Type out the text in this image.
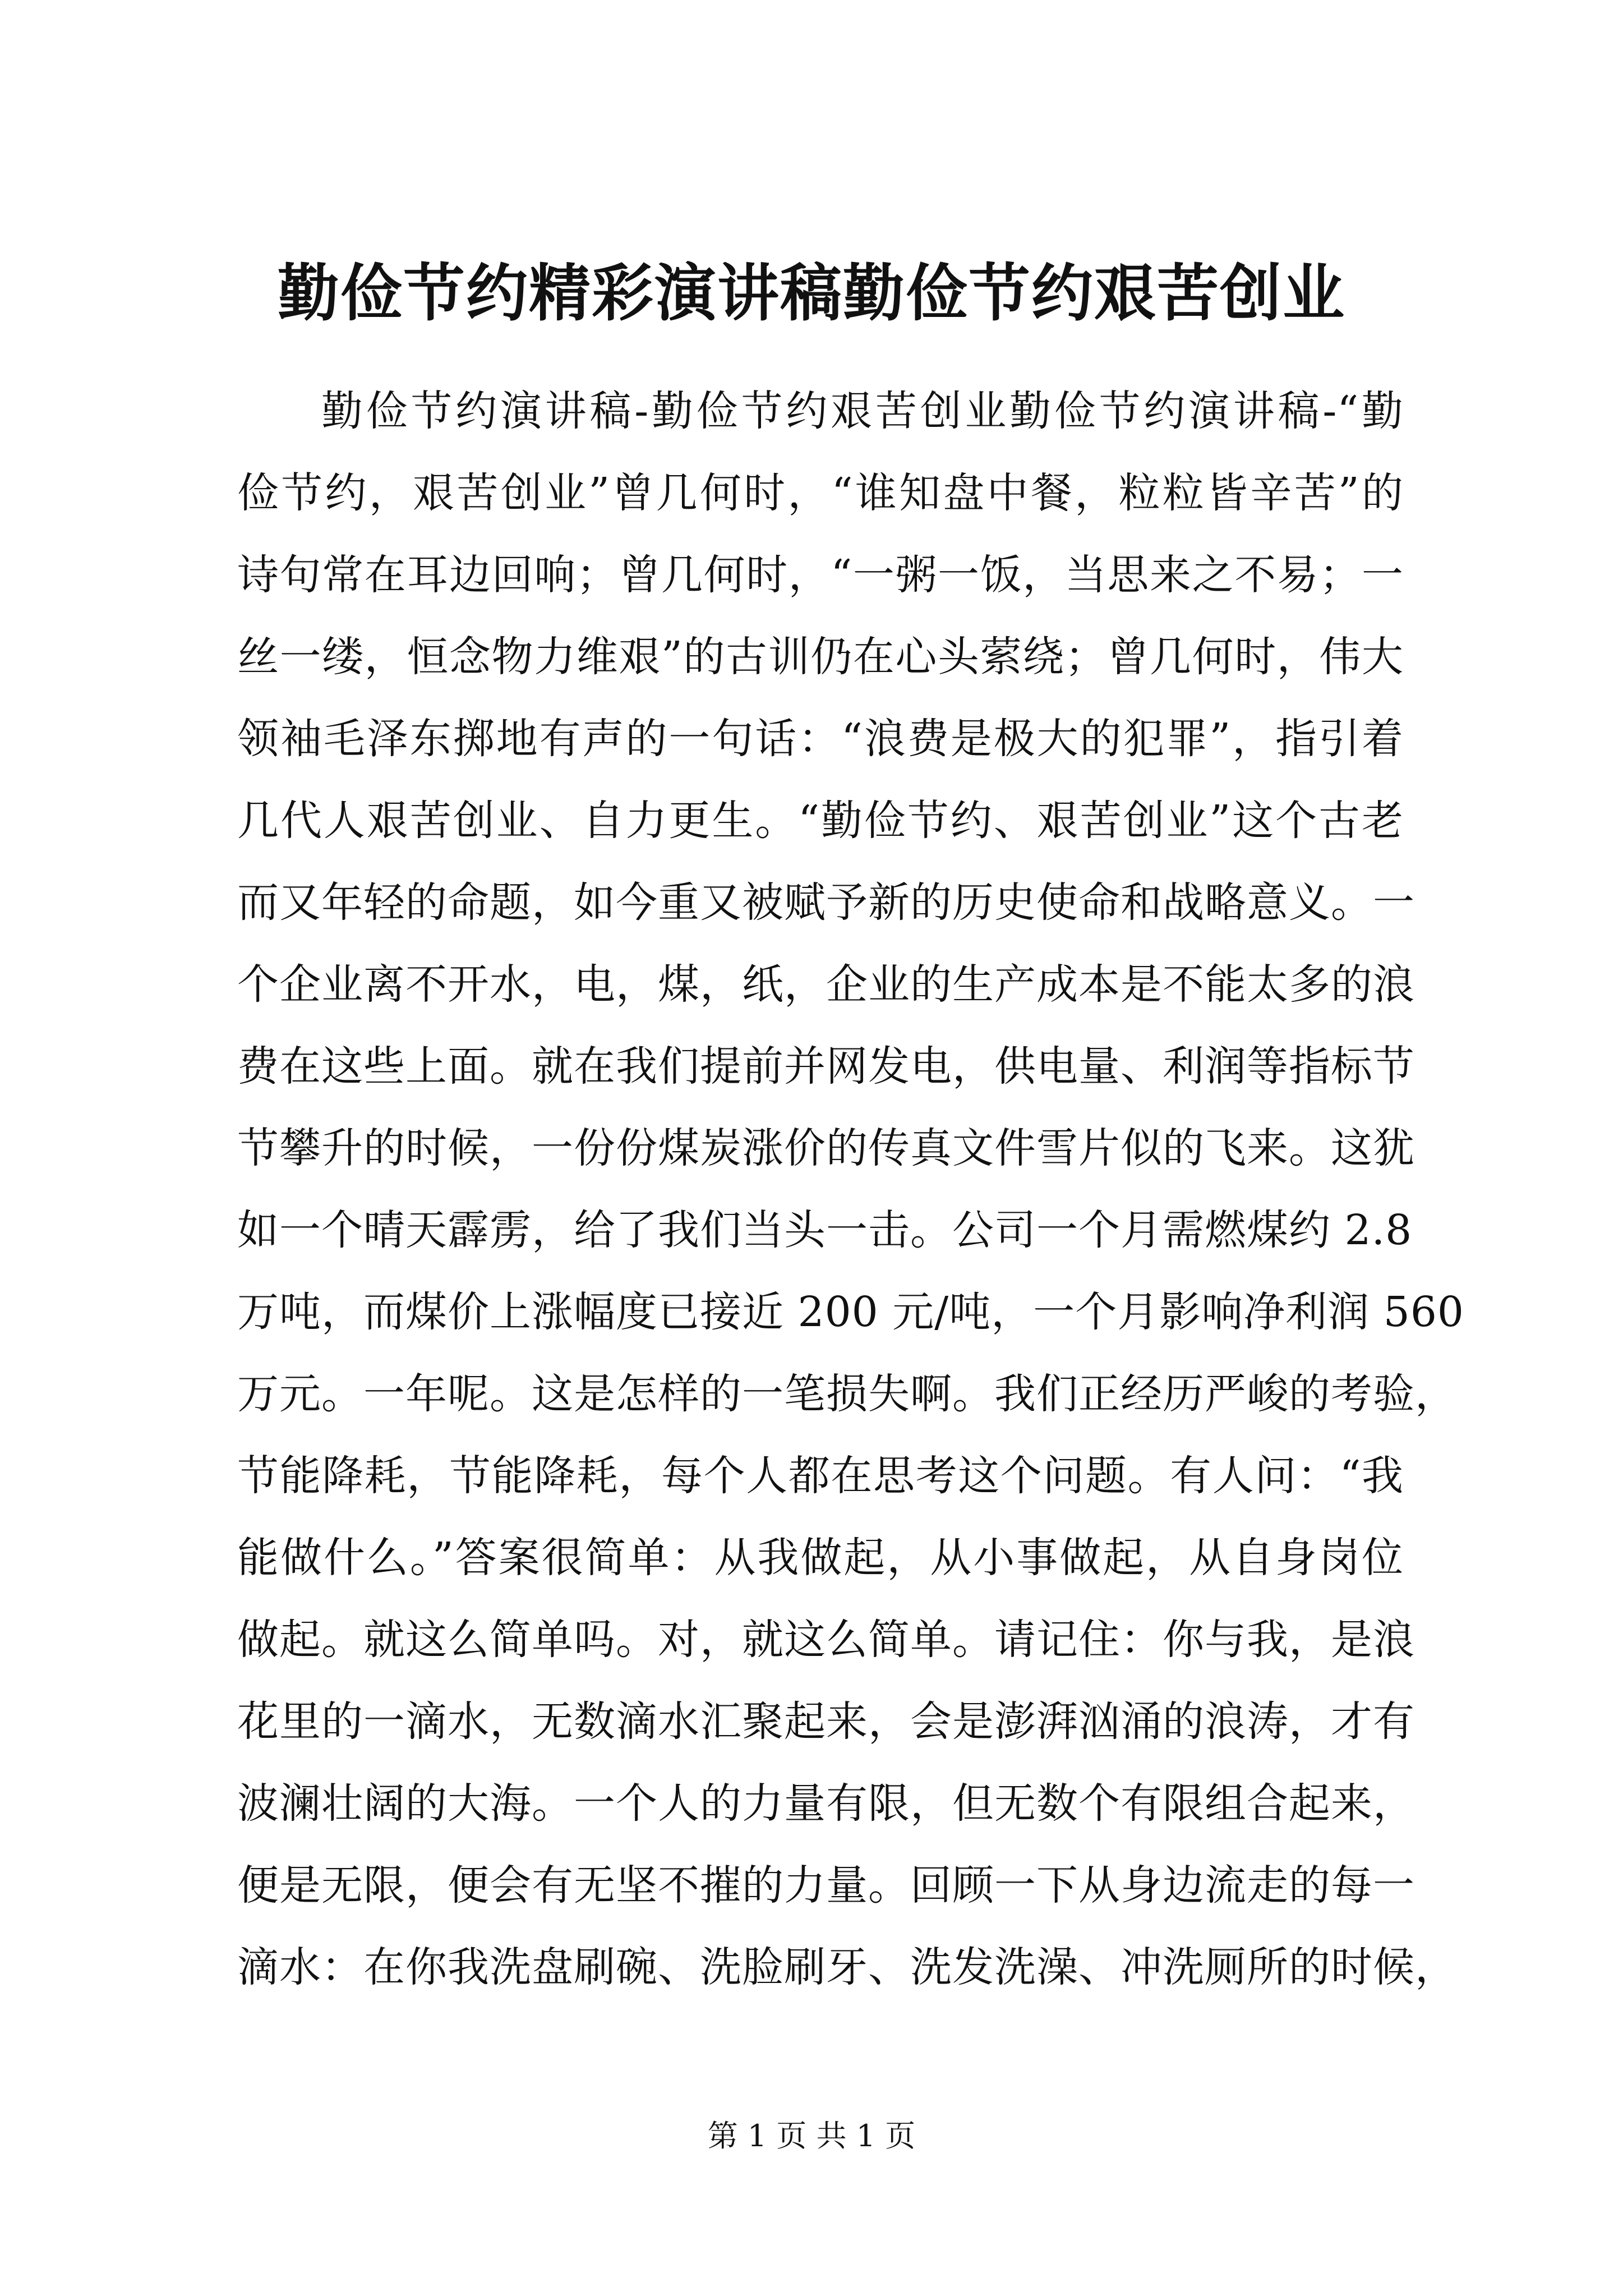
勤俭节约精彩演讲稿勤俭节约艰苦创业
勤俭节约演讲稿-勤俭节约艰苦创业勤俭节约演讲稿-“勤
俭节约，艰苦创业”曾几何时，“谁知盘中餐，粒粒皆辛苦”的
诗句常在耳边回响；曾几何时，“一粥一饭，当思来之不易；一
丝一缕，恒念物力维艰”的古训仍在心头萦绕；曾几何时，伟大
领袖毛泽东掷地有声的一句话：“浪费是极大的犯罪”，指引着
几代人艰苦创业、自力更生。“勤俭节约、艰苦创业”这个古老
而又年轻的命题，如今重又被赋予新的历史使命和战略意义。一
个企业离不开水，电，煤，纸，企业的生产成本是不能太多的浪
费在这些上面。就在我们提前并网发电，供电量、利润等指标节
节攀升的时候，一份份煤炭涨价的传真文件雪片似的飞来。这犹
如一个晴天霹雳，给了我们当头一击。公司一个月需燃煤约 2.8
万吨，而煤价上涨幅度已接近 200 元/吨，一个月影响净利润 560
万元。一年呢。这是怎样的一笔损失啊。我们正经历严峻的考验，
节能降耗，节能降耗，每个人都在思考这个问题。有人问：“我
能做什么。”答案很简单：从我做起，从小事做起，从自身岗位
做起。就这么简单吗。对，就这么简单。请记住：你与我，是浪
花里的一滴水，无数滴水汇聚起来，会是澎湃汹涌的浪涛，才有
波澜壮阔的大海。一个人的力量有限，但无数个有限组合起来，
便是无限，便会有无坚不摧的力量。回顾一下从身边流走的每一
滴水：在你我洗盘刷碗、洗脸刷牙、洗发洗澡、冲洗厕所的时候，
第 1 页 共 1 页
